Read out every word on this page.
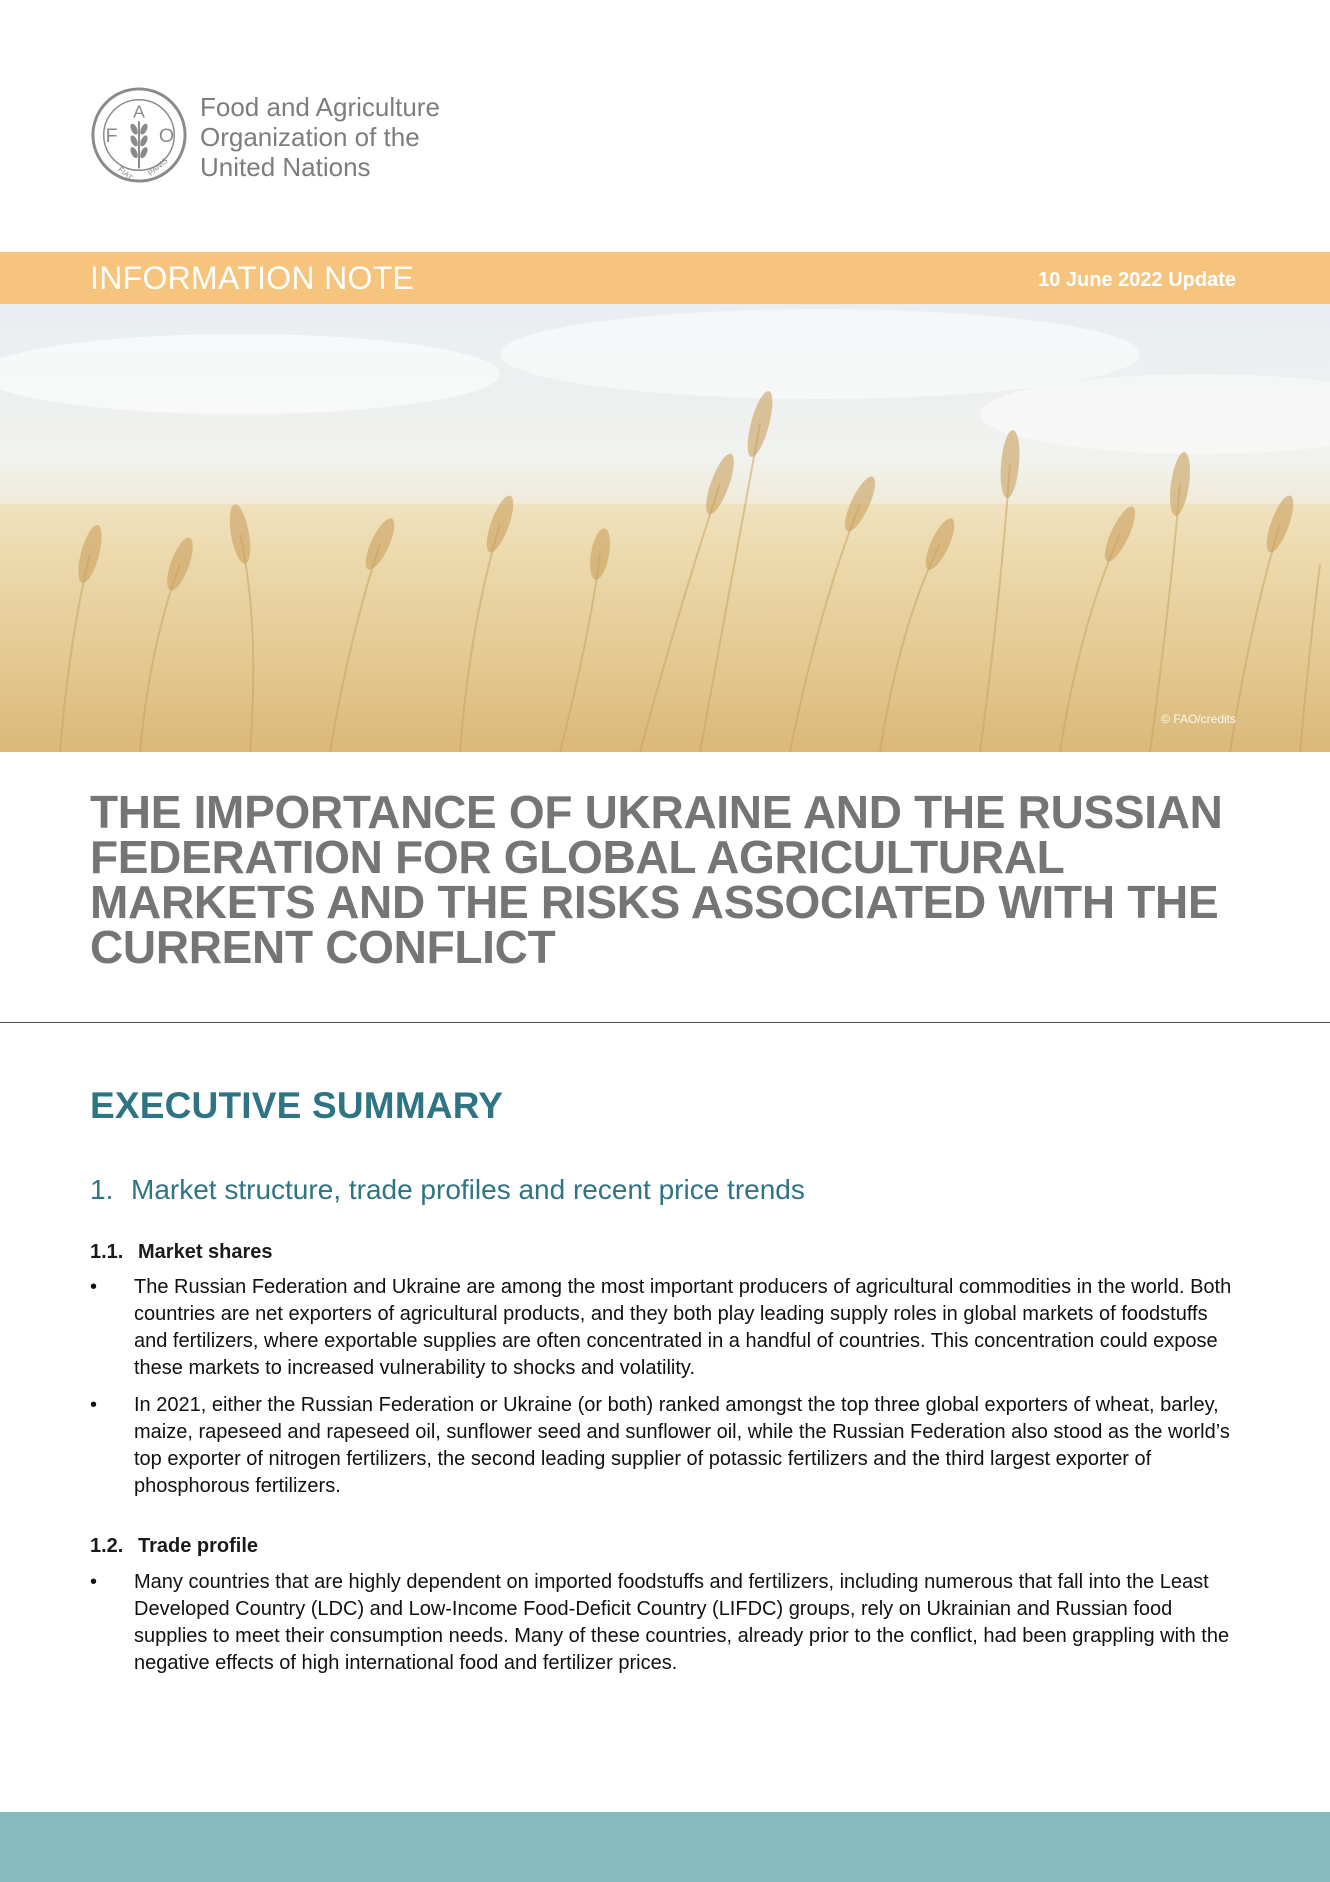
F
A
O
FIAT PANIS
Food and Agriculture
Organization of the
United Nations
INFORMATION NOTE	10 June 2022 Update
© FAO/credits
THE IMPORTANCE OF UKRAINE AND THE RUSSIAN FEDERATION FOR GLOBAL AGRICULTURAL MARKETS AND THE RISKS ASSOCIATED WITH THE CURRENT CONFLICT
EXECUTIVE SUMMARY
1. Market structure, trade profiles and recent price trends
1.1. Market shares
• The Russian Federation and Ukraine are among the most important producers of agricultural commodities in the world. Both countries are net exporters of agricultural products, and they both play leading supply roles in global markets of foodstuffs and fertilizers, where exportable supplies are often concentrated in a handful of countries. This concentration could expose these markets to increased vulnerability to shocks and volatility.
• In 2021, either the Russian Federation or Ukraine (or both) ranked amongst the top three global exporters of wheat, barley, maize, rapeseed and rapeseed oil, sunflower seed and sunflower oil, while the Russian Federation also stood as the world’s top exporter of nitrogen fertilizers, the second leading supplier of potassic fertilizers and the third largest exporter of phosphorous fertilizers.
1.2. Trade profile
• Many countries that are highly dependent on imported foodstuffs and fertilizers, including numerous that fall into the Least Developed Country (LDC) and Low-Income Food-Deficit Country (LIFDC) groups, rely on Ukrainian and Russian food supplies to meet their consumption needs. Many of these countries, already prior to the conflict, had been grappling with the negative effects of high international food and fertilizer prices.
